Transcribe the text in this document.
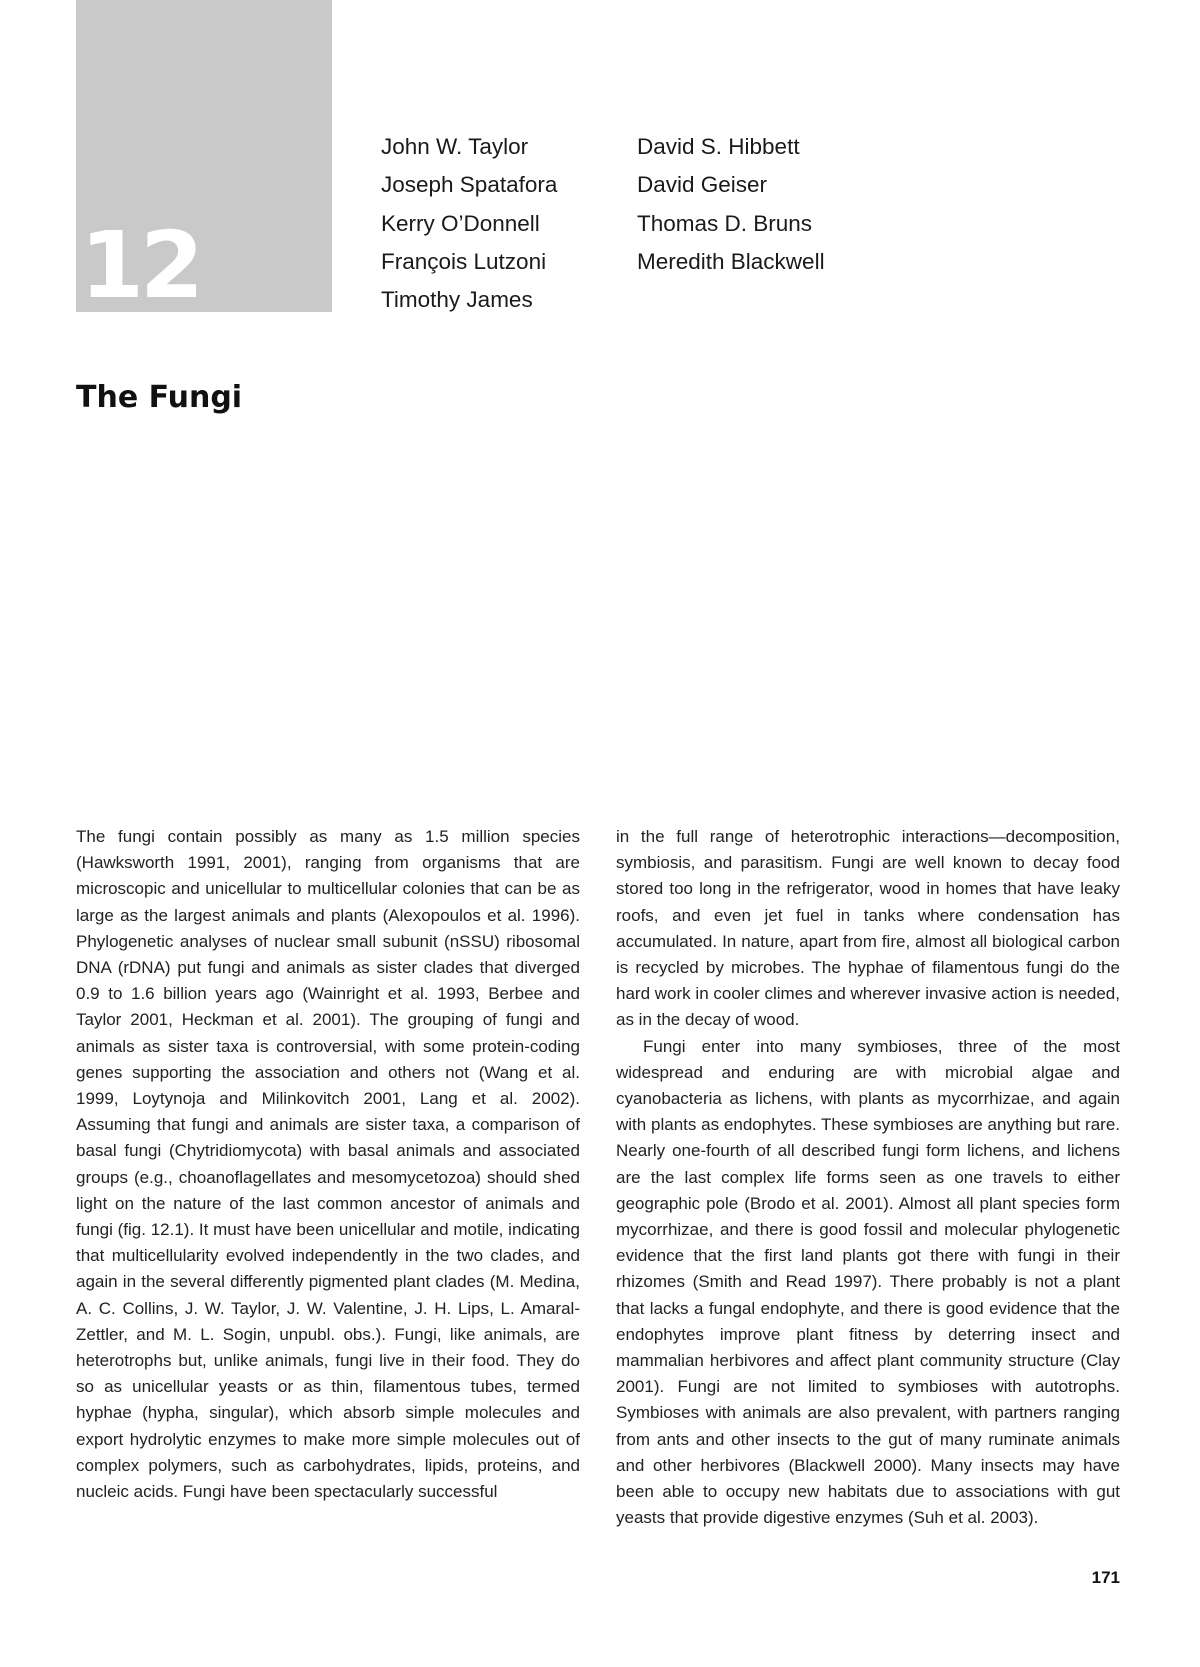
12
John W. Taylor
Joseph Spatafora
Kerry O’Donnell
François Lutzoni
Timothy James
David S. Hibbett
David Geiser
Thomas D. Bruns
Meredith Blackwell
The Fungi

The fungi contain possibly as many as 1.5 million species (Hawksworth 1991, 2001), ranging from organisms that are microscopic and unicellular to multicellular colonies that can be as large as the largest animals and plants (Alexopoulos et al. 1996). Phylogenetic analyses of nuclear small subunit (nSSU) ribosomal DNA (rDNA) put fungi and animals as sister clades that diverged 0.9 to 1.6 billion years ago (Wainright et al. 1993, Berbee and Taylor 2001, Heckman et al. 2001). The grouping of fungi and animals as sister taxa is controversial, with some protein-coding genes supporting the association and others not (Wang et al. 1999, Loytynoja and Milinkovitch 2001, Lang et al. 2002). Assuming that fungi and animals are sister taxa, a comparison of basal fungi (Chytridiomycota) with basal animals and associated groups (e.g., choanoflagellates and mesomycetozoa) should shed light on the nature of the last common ancestor of animals and fungi (fig. 12.1). It must have been unicellular and motile, indicating that multicellularity evolved independently in the two clades, and again in the several differently pigmented plant clades (M. Medina, A. C. Collins, J. W. Taylor, J. W. Valentine, J. H. Lips, L. Amaral-Zettler, and M. L. Sogin, unpubl. obs.). Fungi, like animals, are heterotrophs but, unlike animals, fungi live in their food. They do so as unicellular yeasts or as thin, filamentous tubes, termed hyphae (hypha, singular), which absorb simple molecules and export hydrolytic enzymes to make more simple molecules out of complex polymers, such as carbohydrates, lipids, proteins, and nucleic acids. Fungi have been spectacularly successful

in the full range of heterotrophic interactions—decomposition, symbiosis, and parasitism. Fungi are well known to decay food stored too long in the refrigerator, wood in homes that have leaky roofs, and even jet fuel in tanks where condensation has accumulated. In nature, apart from fire, almost all biological carbon is recycled by microbes. The hyphae of filamentous fungi do the hard work in cooler climes and wherever invasive action is needed, as in the decay of wood.

Fungi enter into many symbioses, three of the most widespread and enduring are with microbial algae and cyanobacteria as lichens, with plants as mycorrhizae, and again with plants as endophytes. These symbioses are anything but rare. Nearly one-fourth of all described fungi form lichens, and lichens are the last complex life forms seen as one travels to either geographic pole (Brodo et al. 2001). Almost all plant species form mycorrhizae, and there is good fossil and molecular phylogenetic evidence that the first land plants got there with fungi in their rhizomes (Smith and Read 1997). There probably is not a plant that lacks a fungal endophyte, and there is good evidence that the endophytes improve plant fitness by deterring insect and mammalian herbivores and affect plant community structure (Clay 2001). Fungi are not limited to symbioses with autotrophs. Symbioses with animals are also prevalent, with partners ranging from ants and other insects to the gut of many ruminate animals and other herbivores (Blackwell 2000). Many insects may have been able to occupy new habitats due to associations with gut yeasts that provide digestive enzymes (Suh et al. 2003).

171
